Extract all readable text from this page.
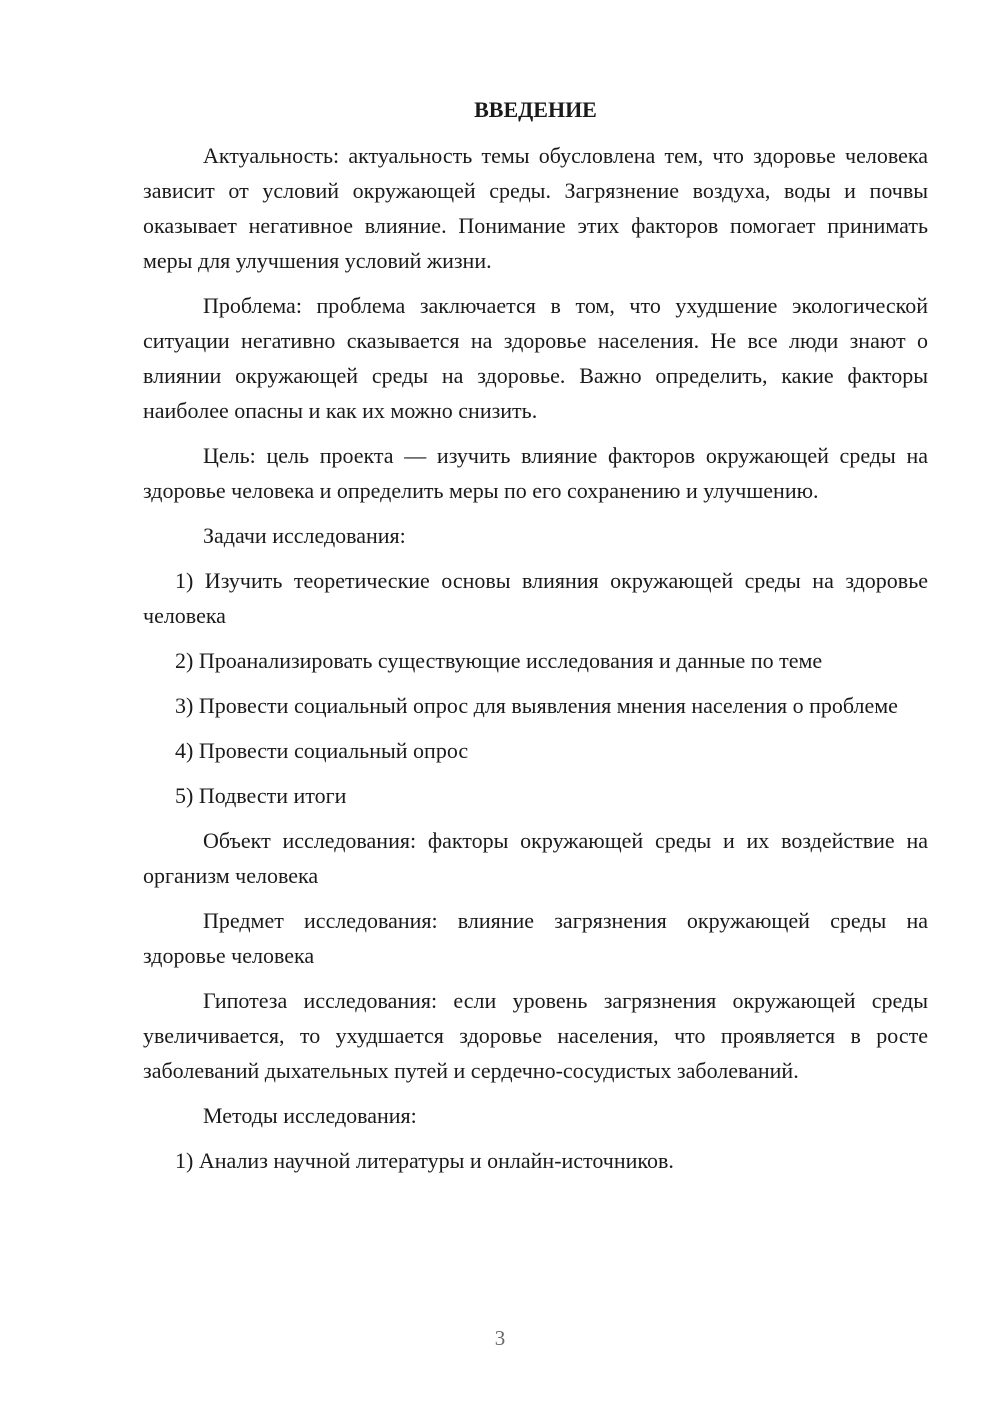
ВВЕДЕНИЕ

Актуальность: актуальность темы обусловлена тем, что здоровье человека зависит от условий окружающей среды. Загрязнение воздуха, воды и почвы оказывает негативное влияние. Понимание этих факторов помогает принимать меры для улучшения условий жизни.

Проблема: проблема заключается в том, что ухудшение экологической ситуации негативно сказывается на здоровье населения. Не все люди знают о влиянии окружающей среды на здоровье. Важно определить, какие факторы наиболее опасны и как их можно снизить.

Цель: цель проекта — изучить влияние факторов окружающей среды на здоровье человека и определить меры по его сохранению и улучшению.

Задачи исследования:

1) Изучить теоретические основы влияния окружающей среды на здоровье человека

2) Проанализировать существующие исследования и данные по теме

3) Провести социальный опрос для выявления мнения населения о проблеме

4) Провести социальный опрос

5) Подвести итоги

Объект исследования: факторы окружающей среды и их воздействие на организм человека

Предмет исследования: влияние загрязнения окружающей среды на здоровье человека

Гипотеза исследования: если уровень загрязнения окружающей среды увеличивается, то ухудшается здоровье населения, что проявляется в росте заболеваний дыхательных путей и сердечно-сосудистых заболеваний.

Методы исследования:

1) Анализ научной литературы и онлайн-источников.

3
